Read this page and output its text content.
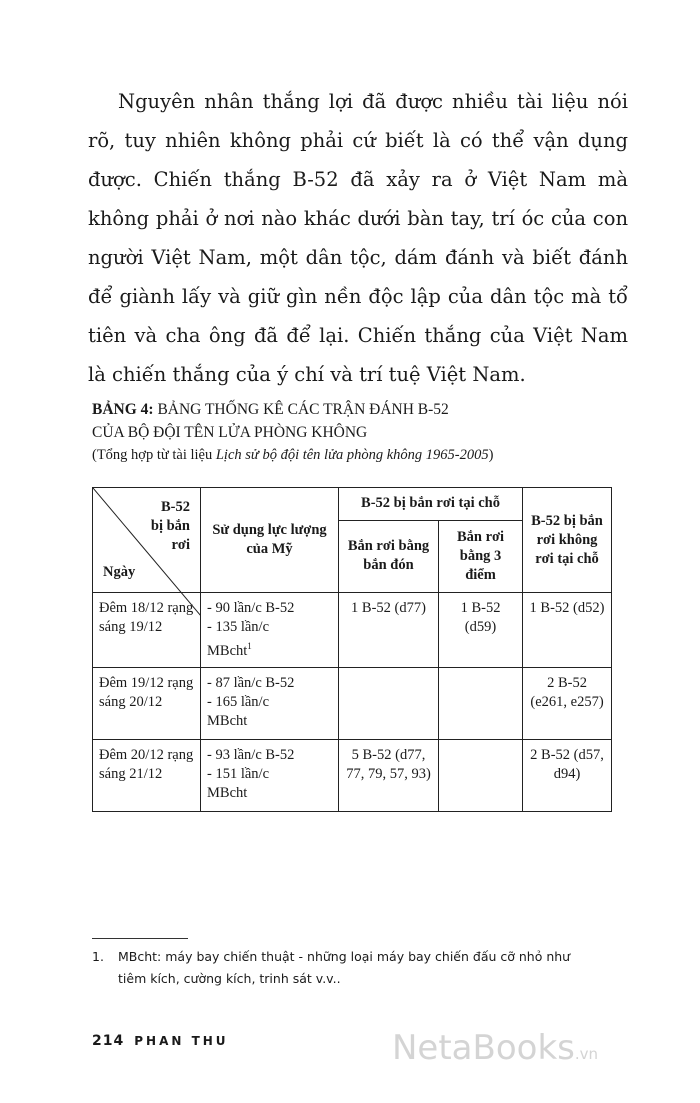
Nguyên nhân thắng lợi đã được nhiều tài liệu nói rõ, tuy nhiên không phải cứ biết là có thể vận dụng được. Chiến thắng B-52 đã xảy ra ở Việt Nam mà không phải ở nơi nào khác dưới bàn tay, trí óc của con người Việt Nam, một dân tộc, dám đánh và biết đánh để giành lấy và giữ gìn nền độc lập của dân tộc mà tổ tiên và cha ông đã để lại. Chiến thắng của Việt Nam là chiến thắng của ý chí và trí tuệ Việt Nam.

BẢNG 4: BẢNG THỐNG KÊ CÁC TRẬN ĐÁNH B-52
CỦA BỘ ĐỘI TÊN LỬA PHÒNG KHÔNG
(Tổng hợp từ tài liệu Lịch sử bộ đội tên lửa phòng không 1965-2005)
B-52
bị bắn
rơi
Ngày	Sử dụng lực lượng của Mỹ	B-52 bị bắn rơi tại chỗ		B-52 bị bắn rơi không rơi tại chỗ
		Bắn rơi bằng bắn đón	Bắn rơi bằng 3 điểm	
Đêm 18/12 rạng sáng 19/12	- 90 lần/c B-52
- 135 lần/c
MBcht$^1$	1 B-52 (d77)	1 B-52 (d59)	1 B-52 (d52)
Đêm 19/12 rạng sáng 20/12	- 87 lần/c B-52
- 165 lần/c
MBcht			2 B-52 (e261, e257)
Đêm 20/12 rạng sáng 21/12	- 93 lần/c B-52
- 151 lần/c
MBcht	5 B-52 (d77, 77, 79, 57, 93)		2 B-52 (d57, d94)
1. MBcht: máy bay chiến thuật - những loại máy bay chiến đấu cỡ nhỏ như
tiêm kích, cường kích, trinh sát v.v..
214 PHAN THU	NetaBooks.vn
